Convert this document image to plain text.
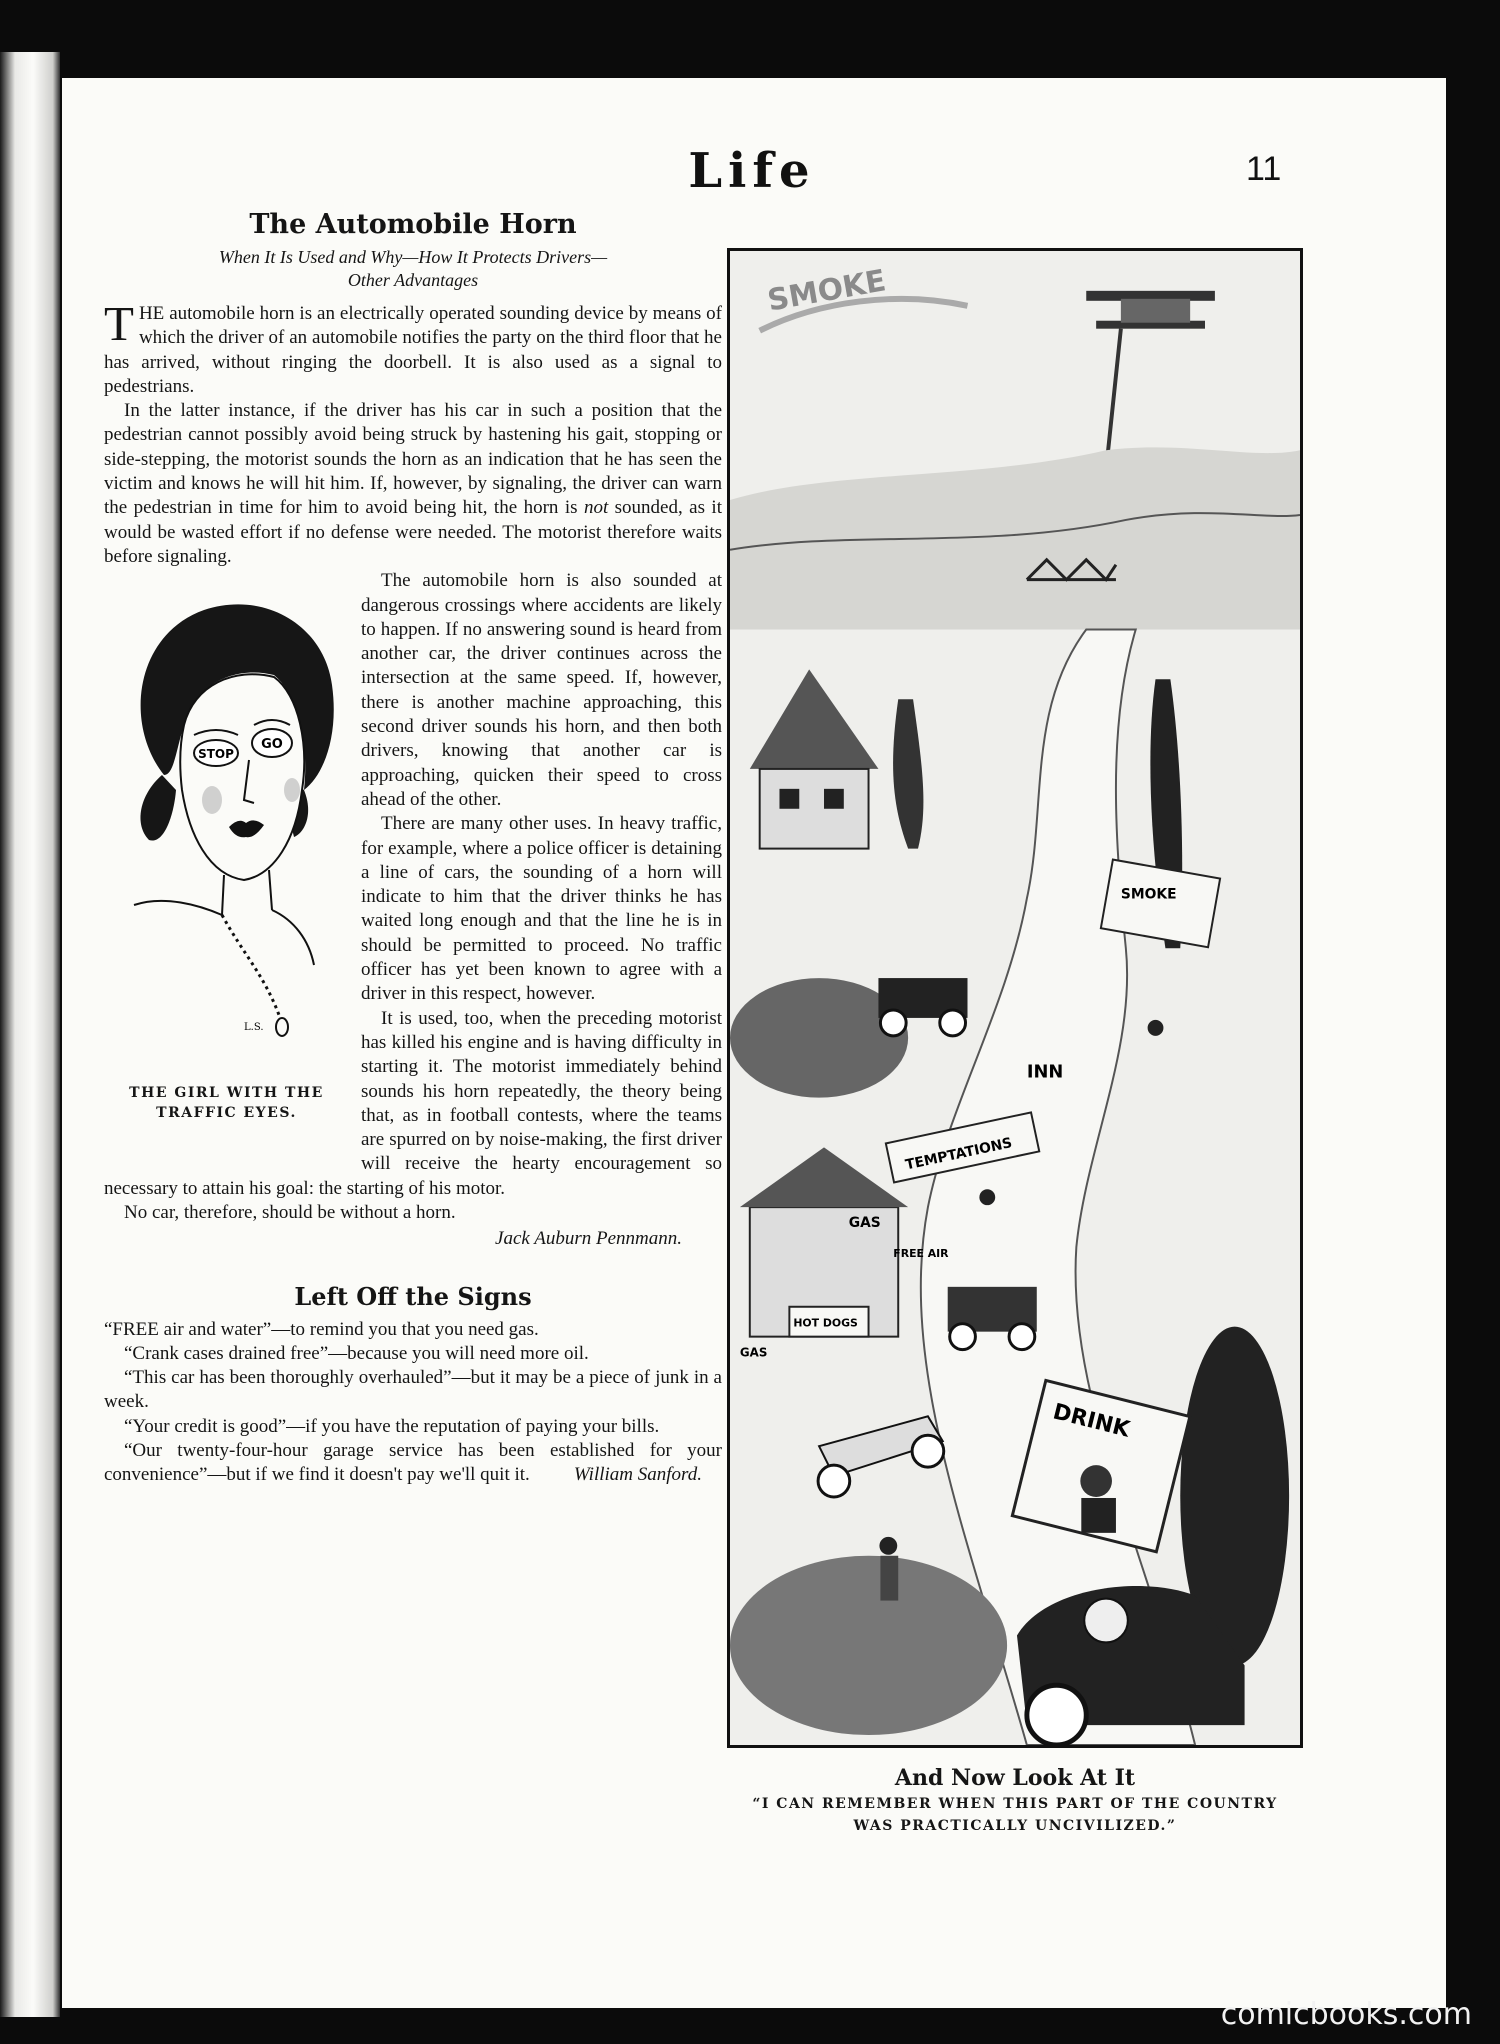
Life	11
The Automobile Horn
When It Is Used and Why—How It Protects Drivers—
Other Advantages

THE automobile horn is an electrically operated sounding device by means of which the driver of an automobile notifies the party on the third floor that he has arrived, without ringing the doorbell. It is also used as a signal to pedestrians.

In the latter instance, if the driver has his car in such a position that the pedestrian cannot possibly avoid being struck by hastening his gait, stopping or side-stepping, the motorist sounds the horn as an indication that he has seen the victim and knows he will hit him. If, however, by signaling, the driver can warn the pedestrian in time for him to avoid being hit, the horn is not sounded, as it would be wasted effort if no defense were needed. The motorist therefore waits before signaling.

STOP
GO
L.S.
THE GIRL WITH THE
TRAFFIC EYES.

The automobile horn is also sounded at dangerous crossings where accidents are likely to happen. If no answering sound is heard from another car, the driver continues across the intersection at the same speed. If, however, there is another machine approaching, this second driver sounds his horn, and then both drivers, knowing that another car is approaching, quicken their speed to cross ahead of the other.

There are many other uses. In heavy traffic, for example, where a police officer is detaining a line of cars, the sounding of a horn will indicate to him that the driver thinks he has waited long enough and that the line he is in should be permitted to proceed. No traffic officer has yet been known to agree with a driver in this respect, however.

It is used, too, when the preceding motorist has killed his engine and is having difficulty in starting it. The motorist immediately behind sounds his horn repeatedly, the theory being that, as in football contests, where the teams are spurred on by noise-making, the first driver will receive the hearty encouragement so necessary to attain his goal: the starting of his motor.

No car, therefore, should be without a horn.

Jack Auburn Pennmann.
Left Off the Signs
“FREE air and water”—to remind you that you need gas.
“Crank cases drained free”—because you will need more oil.
“This car has been thoroughly overhauled”—but it may be a piece of junk in a week.
“Your credit is good”—if you have the reputation of paying your bills.
“Our twenty-four-hour garage service has been established for your convenience”—but if we find it doesn't pay we'll quit it.	William Sanford.
SMOKE
SMOKE
TEMPTATIONS
INN
GAS
FREE AIR
HOT DOGS
GAS
DRINK
And Now Look At It
“I CAN REMEMBER WHEN THIS PART OF THE COUNTRY
WAS PRACTICALLY UNCIVILIZED.”
comicbooks.com
